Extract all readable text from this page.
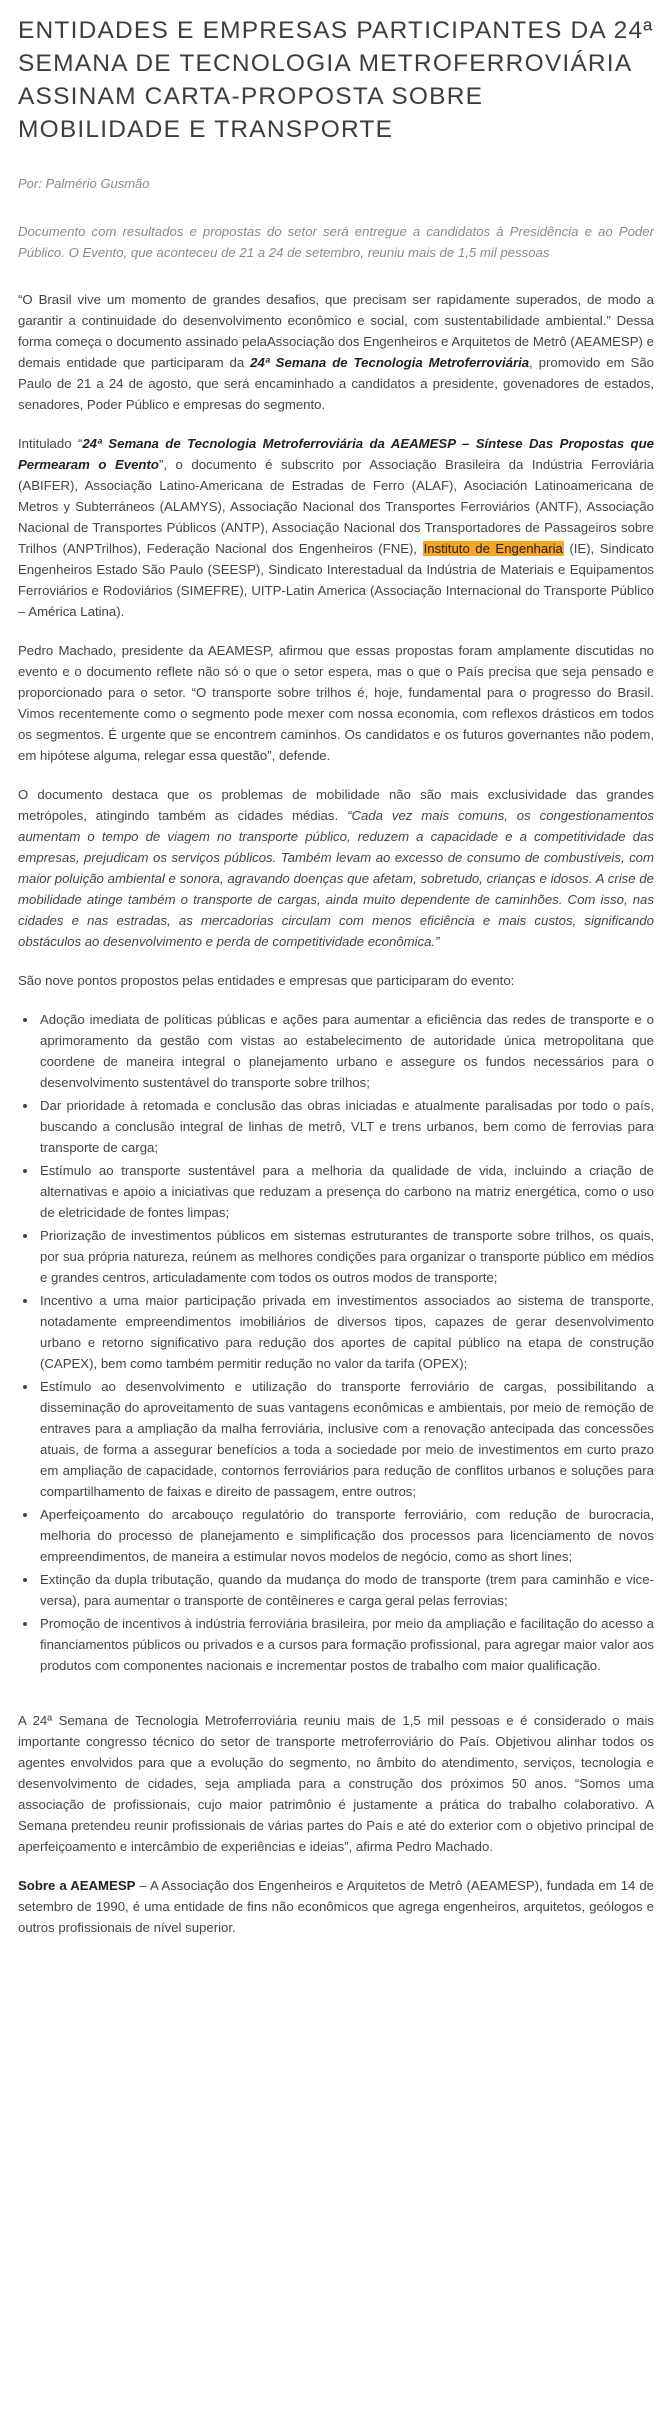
ENTIDADES E EMPRESAS PARTICIPANTES DA 24ª SEMANA DE TECNOLOGIA METROFERROVIÁRIA ASSINAM CARTA-PROPOSTA SOBRE MOBILIDADE E TRANSPORTE
Por: Palmério Gusmão

Documento com resultados e propostas do setor será entregue a candidatos à Presidência e ao Poder Público. O Evento, que aconteceu de 21 a 24 de setembro, reuniu mais de 1,5 mil pessoas

“O Brasil vive um momento de grandes desafios, que precisam ser rapidamente superados, de modo a garantir a continuidade do desenvolvimento econômico e social, com sustentabilidade ambiental.” Dessa forma começa o documento assinado pelaAssociação dos Engenheiros e Arquitetos de Metrô (AEAMESP) e demais entidade que participaram da 24ª Semana de Tecnologia Metroferroviária, promovido em São Paulo de 21 a 24 de agosto, que será encaminhado a candidatos a presidente, govenadores de estados, senadores, Poder Público e empresas do segmento.

Intitulado “24ª Semana de Tecnologia Metroferroviária da AEAMESP – Síntese Das Propostas que Permearam o Evento”, o documento é subscrito por Associação Brasileira da Indústria Ferroviária (ABIFER), Associação Latino-Americana de Estradas de Ferro (ALAF), Asociación Latinoamericana de Metros y Subterráneos (ALAMYS), Associação Nacional dos Transportes Ferroviários (ANTF), Associação Nacional de Transportes Públicos (ANTP), Associação Nacional dos Transportadores de Passageiros sobre Trilhos (ANPTrilhos), Federação Nacional dos Engenheiros (FNE), Instituto de Engenharia (IE), Sindicato Engenheiros Estado São Paulo (SEESP), Sindicato Interestadual da Indústria de Materiais e Equipamentos Ferroviários e Rodoviários (SIMEFRE), UITP-Latin America (Associação Internacional do Transporte Público – América Latina).

Pedro Machado, presidente da AEAMESP, afirmou que essas propostas foram amplamente discutidas no evento e o documento reflete não só o que o setor espera, mas o que o País precisa que seja pensado e proporcionado para o setor. “O transporte sobre trilhos é, hoje, fundamental para o progresso do Brasil. Vimos recentemente como o segmento pode mexer com nossa economia, com reflexos drásticos em todos os segmentos. É urgente que se encontrem caminhos. Os candidatos e os futuros governantes não podem, em hipótese alguma, relegar essa questão”, defende.

O documento destaca que os problemas de mobilidade não são mais exclusividade das grandes metrópoles, atingindo também as cidades médias. “Cada vez mais comuns, os congestionamentos aumentam o tempo de viagem no transporte público, reduzem a capacidade e a competitividade das empresas, prejudicam os serviços públicos. Também levam ao excesso de consumo de combustíveis, com maior poluição ambiental e sonora, agravando doenças que afetam, sobretudo, crianças e idosos. A crise de mobilidade atinge também o transporte de cargas, ainda muito dependente de caminhões. Com isso, nas cidades e nas estradas, as mercadorias circulam com menos eficiência e mais custos, significando obstáculos ao desenvolvimento e perda de competitividade econômica.”

São nove pontos propostos pelas entidades e empresas que participaram do evento:

• Adoção imediata de políticas públicas e ações para aumentar a eficiência das redes de transporte e o aprimoramento da gestão com vistas ao estabelecimento de autoridade única metropolitana que coordene de maneira integral o planejamento urbano e assegure os fundos necessários para o desenvolvimento sustentável do transporte sobre trilhos;
• Dar prioridade à retomada e conclusão das obras iniciadas e atualmente paralisadas por todo o país, buscando a conclusão integral de linhas de metrô, VLT e trens urbanos, bem como de ferrovias para transporte de carga;
• Estímulo ao transporte sustentável para a melhoria da qualidade de vida, incluindo a criação de alternativas e apoio a iniciativas que reduzam a presença do carbono na matriz energética, como o uso de eletricidade de fontes limpas;
• Priorização de investimentos públicos em sistemas estruturantes de transporte sobre trilhos, os quais, por sua própria natureza, reúnem as melhores condições para organizar o transporte público em médios e grandes centros, articuladamente com todos os outros modos de transporte;
• Incentivo a uma maior participação privada em investimentos associados ao sistema de transporte, notadamente empreendimentos imobiliários de diversos tipos, capazes de gerar desenvolvimento urbano e retorno significativo para redução dos aportes de capital público na etapa de construção (CAPEX), bem como também permitir redução no valor da tarifa (OPEX);
• Estímulo ao desenvolvimento e utilização do transporte ferroviário de cargas, possibilitando a disseminação do aproveitamento de suas vantagens econômicas e ambientais, por meio de remoção de entraves para a ampliação da malha ferroviária, inclusive com a renovação antecipada das concessões atuais, de forma a assegurar benefícios a toda a sociedade por meio de investimentos em curto prazo em ampliação de capacidade, contornos ferroviários para redução de conflitos urbanos e soluções para compartilhamento de faixas e direito de passagem, entre outros;
• Aperfeiçoamento do arcabouço regulatório do transporte ferroviário, com redução de burocracia, melhoria do processo de planejamento e simplificação dos processos para licenciamento de novos empreendimentos, de maneira a estimular novos modelos de negócio, como as short lines;
• Extinção da dupla tributação, quando da mudança do modo de transporte (trem para caminhão e vice-versa), para aumentar o transporte de contêineres e carga geral pelas ferrovias;
• Promoção de incentivos à indústria ferroviária brasileira, por meio da ampliação e facilitação do acesso a financiamentos públicos ou privados e a cursos para formação profissional, para agregar maior valor aos produtos com componentes nacionais e incrementar postos de trabalho com maior qualificação.

A 24ª Semana de Tecnologia Metroferroviária reuniu mais de 1,5 mil pessoas e é considerado o mais importante congresso técnico do setor de transporte metroferroviário do País. Objetivou alinhar todos os agentes envolvidos para que a evolução do segmento, no âmbito do atendimento, serviços, tecnologia e desenvolvimento de cidades, seja ampliada para a construção dos próximos 50 anos. “Somos uma associação de profissionais, cujo maior patrimônio é justamente a prática do trabalho colaborativo. A Semana pretendeu reunir profissionais de várias partes do País e até do exterior com o objetivo principal de aperfeiçoamento e intercâmbio de experiências e ideias”, afirma Pedro Machado.

Sobre a AEAMESP – A Associação dos Engenheiros e Arquitetos de Metrô (AEAMESP), fundada em 14 de setembro de 1990, é uma entidade de fins não econômicos que agrega engenheiros, arquitetos, geólogos e outros profissionais de nível superior.
